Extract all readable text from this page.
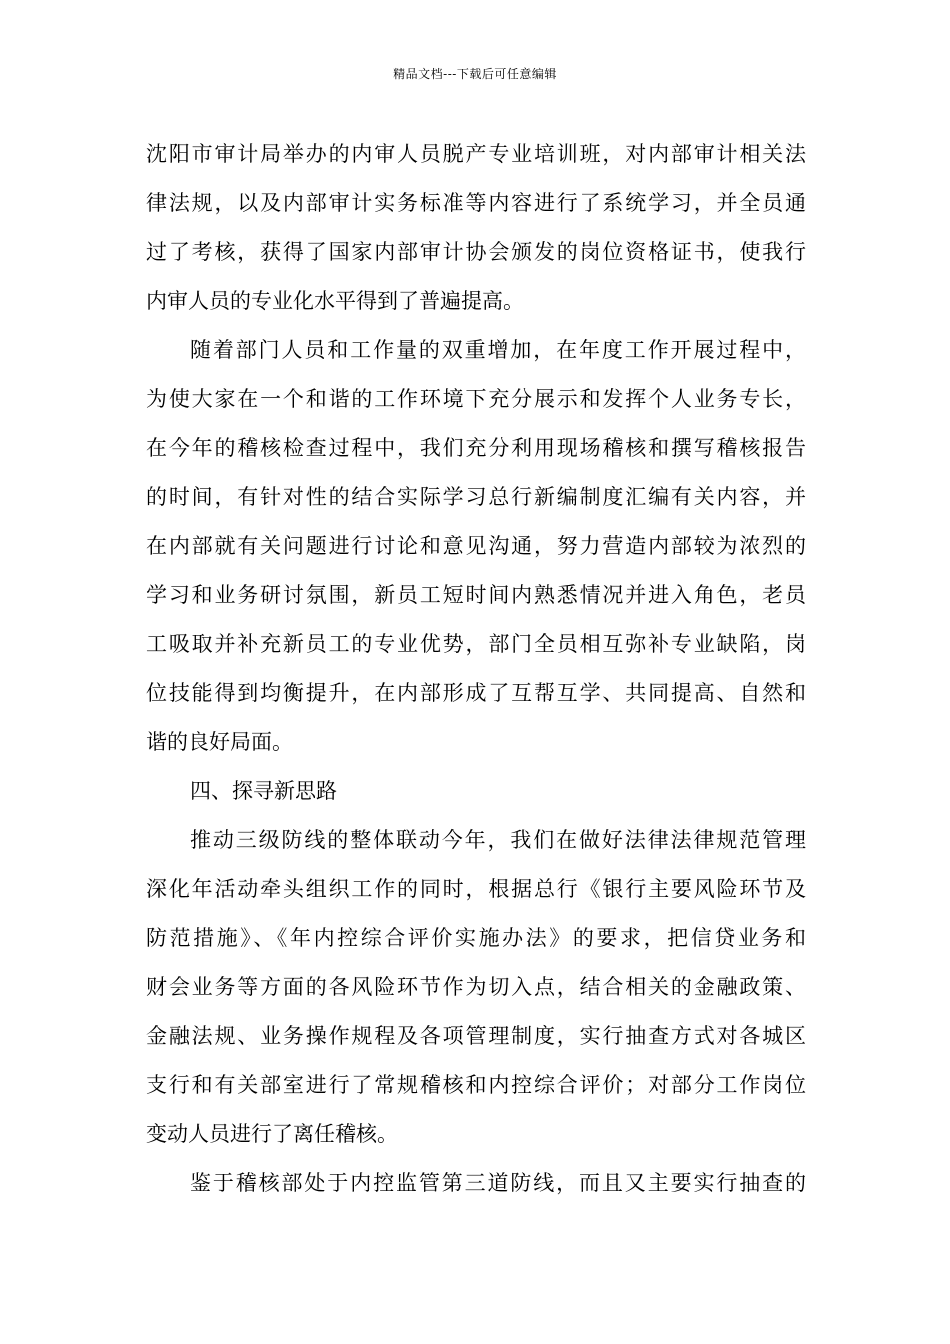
精品文档---下载后可任意编辑
沈阳市审计局举办的内审人员脱产专业培训班，对内部审计相关法
律法规，以及内部审计实务标准等内容进行了系统学习，并全员通
过了考核，获得了国家内部审计协会颁发的岗位资格证书，使我行
内审人员的专业化水平得到了普遍提高。
随着部门人员和工作量的双重增加，在年度工作开展过程中，
为使大家在一个和谐的工作环境下充分展示和发挥个人业务专长，
在今年的稽核检查过程中，我们充分利用现场稽核和撰写稽核报告
的时间，有针对性的结合实际学习总行新编制度汇编有关内容，并
在内部就有关问题进行讨论和意见沟通，努力营造内部较为浓烈的
学习和业务研讨氛围，新员工短时间内熟悉情况并进入角色，老员
工吸取并补充新员工的专业优势，部门全员相互弥补专业缺陷，岗
位技能得到均衡提升，在内部形成了互帮互学、共同提高、自然和
谐的良好局面。
四、探寻新思路
推动三级防线的整体联动今年，我们在做好法律法律规范管理
深化年活动牵头组织工作的同时，根据总行《银行主要风险环节及
防范措施》、《年内控综合评价实施办法》的要求，把信贷业务和
财会业务等方面的各风险环节作为切入点，结合相关的金融政策、
金融法规、业务操作规程及各项管理制度，实行抽查方式对各城区
支行和有关部室进行了常规稽核和内控综合评价；对部分工作岗位
变动人员进行了离任稽核。
鉴于稽核部处于内控监管第三道防线，而且又主要实行抽查的
